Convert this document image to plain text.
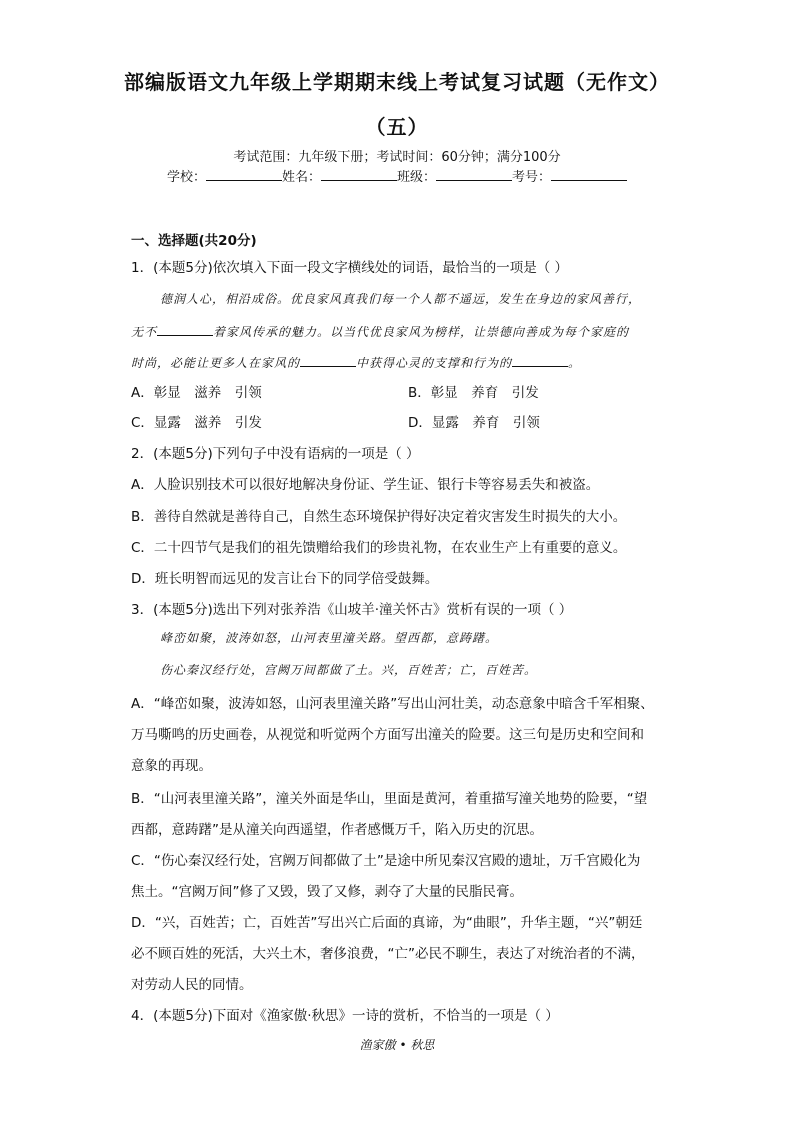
部编版语文九年级上学期期末线上考试复习试题（无作文）
（五）
考试范围：九年级下册；考试时间：60分钟；满分100分
学校：	姓名：	班级：	考号：
一、选择题(共20分)
1．(本题5分)依次填入下面一段文字横线处的词语，最恰当的一项是（ ）
德润人心，相沿成俗。优良家风真我们每一个人都不遥远，发生在身边的家风善行，
无不	着家风传承的魅力。以当代优良家风为榜样，让崇德向善成为每个家庭的
时尚，必能让更多人在家风的	中获得心灵的支撑和行为的	。
A．彰显　滋养　引领	B．彰显　养育　引发
C．显露　滋养　引发	D．显露　养育　引领
2．(本题5分)下列句子中没有语病的一项是（ ）
A．人脸识别技术可以很好地解决身份证、学生证、银行卡等容易丢失和被盗。
B．善待自然就是善待自己，自然生态环境保护得好决定着灾害发生时损失的大小。
C．二十四节气是我们的祖先馈赠给我们的珍贵礼物，在农业生产上有重要的意义。
D．班长明智而远见的发言让台下的同学倍受鼓舞。
3．(本题5分)选出下列对张养浩《山坡羊·潼关怀古》赏析有误的一项（ ）
峰峦如聚，波涛如怒，山河表里潼关路。望西都，意踌躇。
伤心秦汉经行处，宫阙万间都做了土。兴，百姓苦；亡，百姓苦。
A．“峰峦如聚，波涛如怒，山河表里潼关路”写出山河壮美，动态意象中暗含千军相聚、
万马嘶鸣的历史画卷，从视觉和听觉两个方面写出潼关的险要。这三句是历史和空间和
意象的再现。
B．“山河表里潼关路”，潼关外面是华山，里面是黄河，着重描写潼关地势的险要，“望
西都，意踌躇”是从潼关向西遥望，作者感慨万千，陷入历史的沉思。
C．“伤心秦汉经行处，宫阙万间都做了土”是途中所见秦汉宫殿的遗址，万千宫殿化为
焦土。“宫阙万间”修了又毁，毁了又修，剥夺了大量的民脂民膏。
D．“兴，百姓苦；亡，百姓苦”写出兴亡后面的真谛，为“曲眼”，升华主题，“兴”朝廷
必不顾百姓的死活，大兴土木，奢侈浪费，“亡”必民不聊生，表达了对统治者的不满，
对劳动人民的同情。
4．(本题5分)下面对《渔家傲·秋思》一诗的赏析，不恰当的一项是（ ）
渔家傲 • 秋思
